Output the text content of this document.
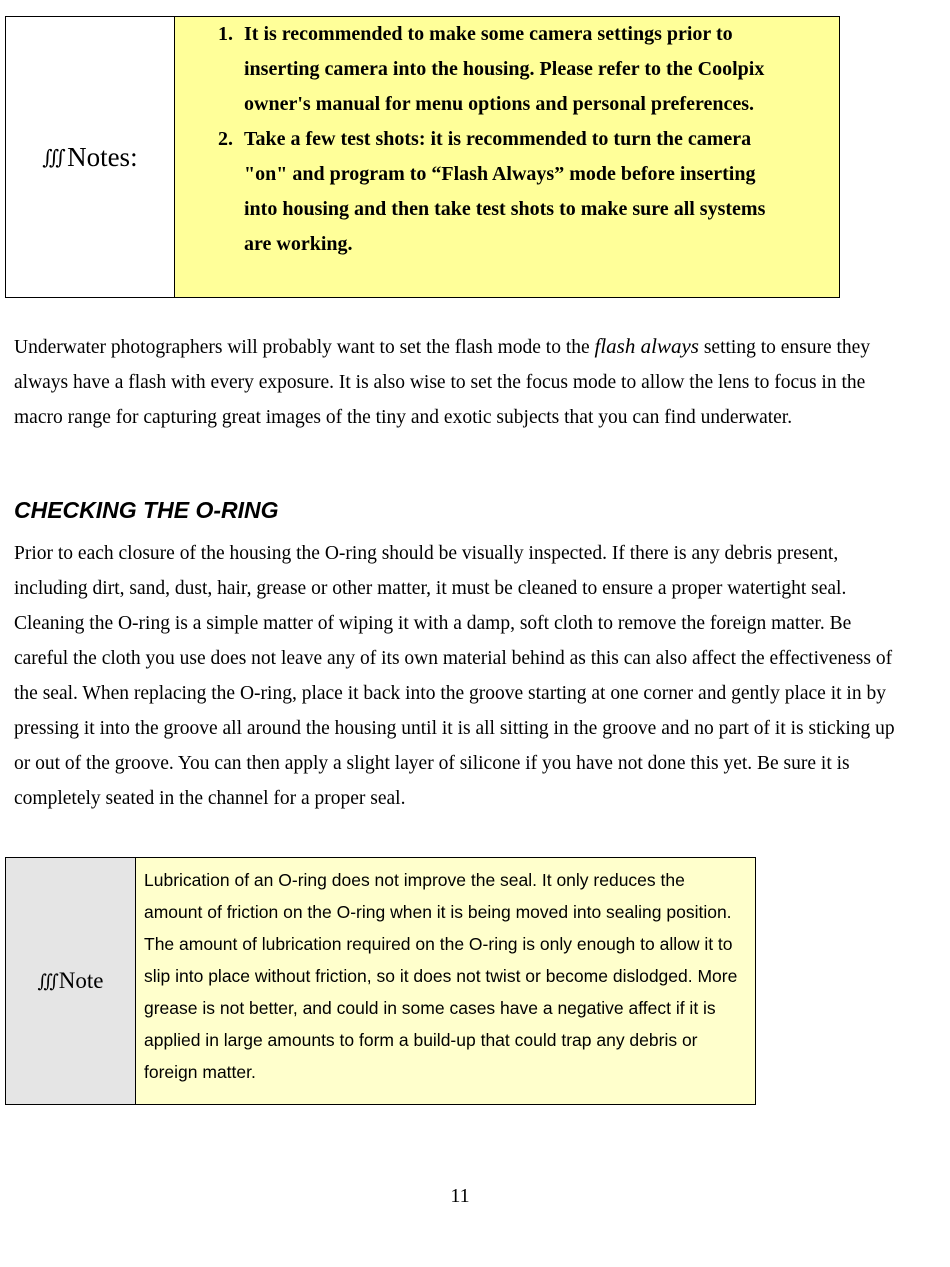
∭ Notes:
1. It is recommended to make some camera settings prior to inserting camera into the housing. Please refer to the Coolpix owner's manual for menu options and personal preferences.
2. Take a few test shots: it is recommended to turn the camera "on" and program to “Flash Always” mode before inserting into housing and then take test shots to make sure all systems are working.

Underwater photographers will probably want to set the flash mode to the flash always setting to ensure they always have a flash with every exposure. It is also wise to set the focus mode to allow the lens to focus in the macro range for capturing great images of the tiny and exotic subjects that you can find underwater.

CHECKING THE O-RING

Prior to each closure of the housing the O-ring should be visually inspected. If there is any debris present, including dirt, sand, dust, hair, grease or other matter, it must be cleaned to ensure a proper watertight seal. Cleaning the O-ring is a simple matter of wiping it with a damp, soft cloth to remove the foreign matter. Be careful the cloth you use does not leave any of its own material behind as this can also affect the effectiveness of the seal. When replacing the O-ring, place it back into the groove starting at one corner and gently place it in by pressing it into the groove all around the housing until it is all sitting in the groove and no part of it is sticking up or out of the groove. You can then apply a slight layer of silicone if you have not done this yet. Be sure it is completely seated in the channel for a proper seal.

∭ Note
Lubrication of an O-ring does not improve the seal. It only reduces the amount of friction on the O-ring when it is being moved into sealing position. The amount of lubrication required on the O-ring is only enough to allow it to slip into place without friction, so it does not twist or become dislodged. More grease is not better, and could in some cases have a negative affect if it is applied in large amounts to form a build-up that could trap any debris or foreign matter.
11
